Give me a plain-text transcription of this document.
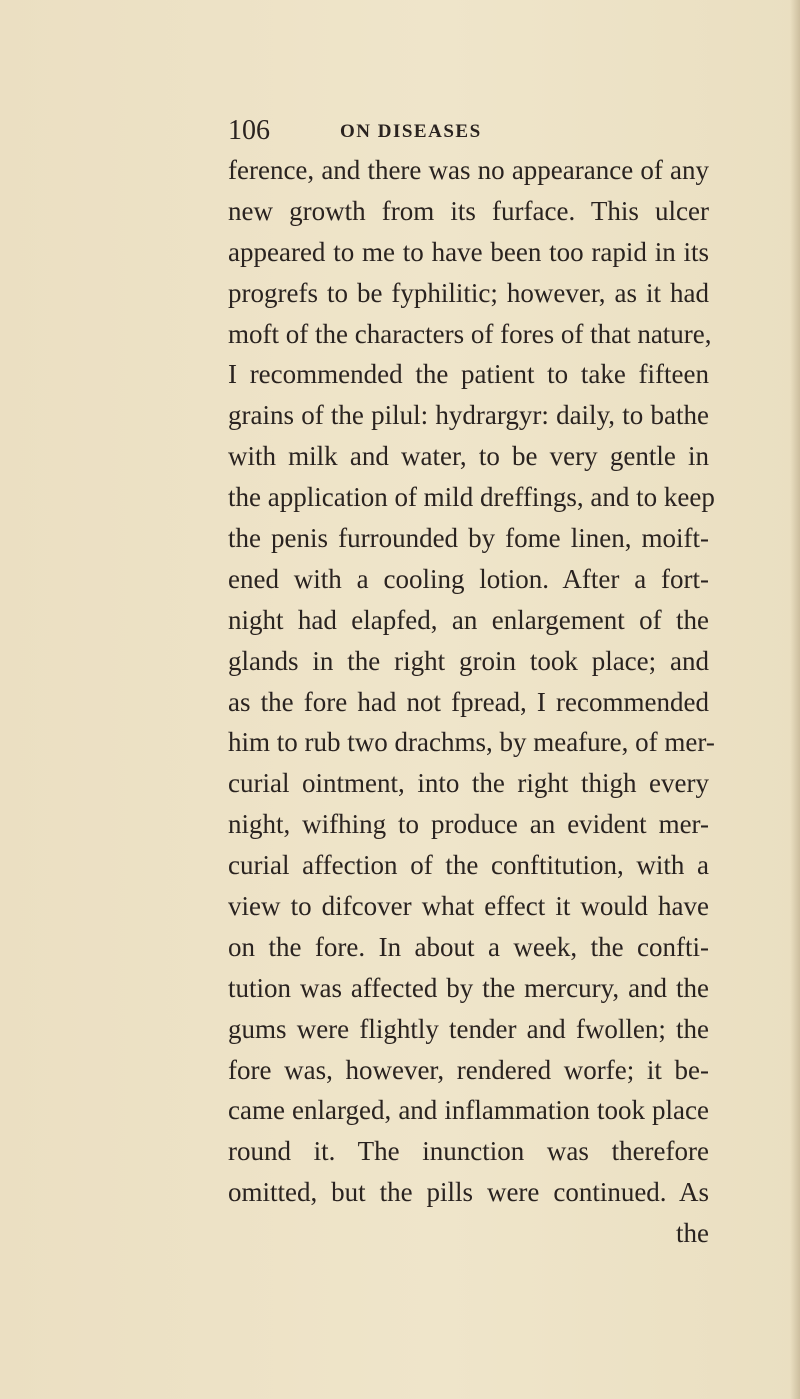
106	ON DISEASES
ference, and there was no appearance of any
new growth from its furface. This ulcer
appeared to me to have been too rapid in its
progrefs to be fyphilitic; however, as it had
moft of the characters of fores of that nature,
I recommended the patient to take fifteen
grains of the pilul: hydrargyr: daily, to bathe
with milk and water, to be very gentle in
the application of mild dreffings, and to keep
the penis furrounded by fome linen, moift-
ened with a cooling lotion. After a fort-
night had elapfed, an enlargement of the
glands in the right groin took place; and
as the fore had not fpread, I recommended
him to rub two drachms, by meafure, of mer-
curial ointment, into the right thigh every
night, wifhing to produce an evident mer-
curial affection of the conftitution, with a
view to difcover what effect it would have
on the fore. In about a week, the confti-
tution was affected by the mercury, and the
gums were flightly tender and fwollen; the
fore was, however, rendered worfe; it be-
came enlarged, and inflammation took place
round it. The inunction was therefore
omitted, but the pills were continued. As
the
